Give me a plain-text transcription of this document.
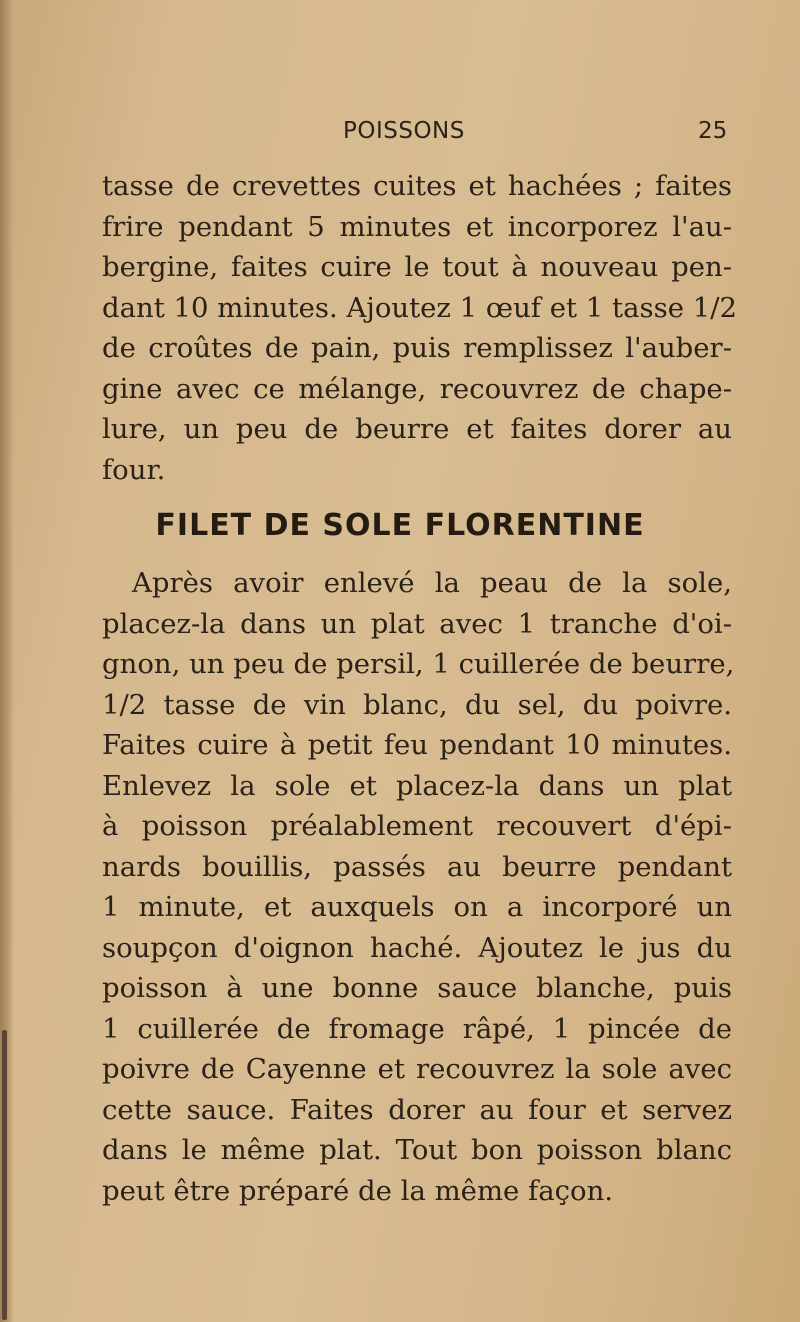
POISSONS	25
tasse de crevettes cuites et hachées ; faites
frire pendant 5 minutes et incorporez l'au-
bergine, faites cuire le tout à nouveau pen-
dant 10 minutes. Ajoutez 1 œuf et 1 tasse 1/2
de croûtes de pain, puis remplissez l'auber-
gine avec ce mélange, recouvrez de chape-
lure, un peu de beurre et faites dorer au
four.
FILET DE SOLE FLORENTINE
Après avoir enlevé la peau de la sole,
placez-la dans un plat avec 1 tranche d'oi-
gnon, un peu de persil, 1 cuillerée de beurre,
1/2 tasse de vin blanc, du sel, du poivre.
Faites cuire à petit feu pendant 10 minutes.
Enlevez la sole et placez-la dans un plat
à poisson préalablement recouvert d'épi-
nards bouillis, passés au beurre pendant
1 minute, et auxquels on a incorporé un
soupçon d'oignon haché. Ajoutez le jus du
poisson à une bonne sauce blanche, puis
1 cuillerée de fromage râpé, 1 pincée de
poivre de Cayenne et recouvrez la sole avec
cette sauce. Faites dorer au four et servez
dans le même plat. Tout bon poisson blanc
peut être préparé de la même façon.
